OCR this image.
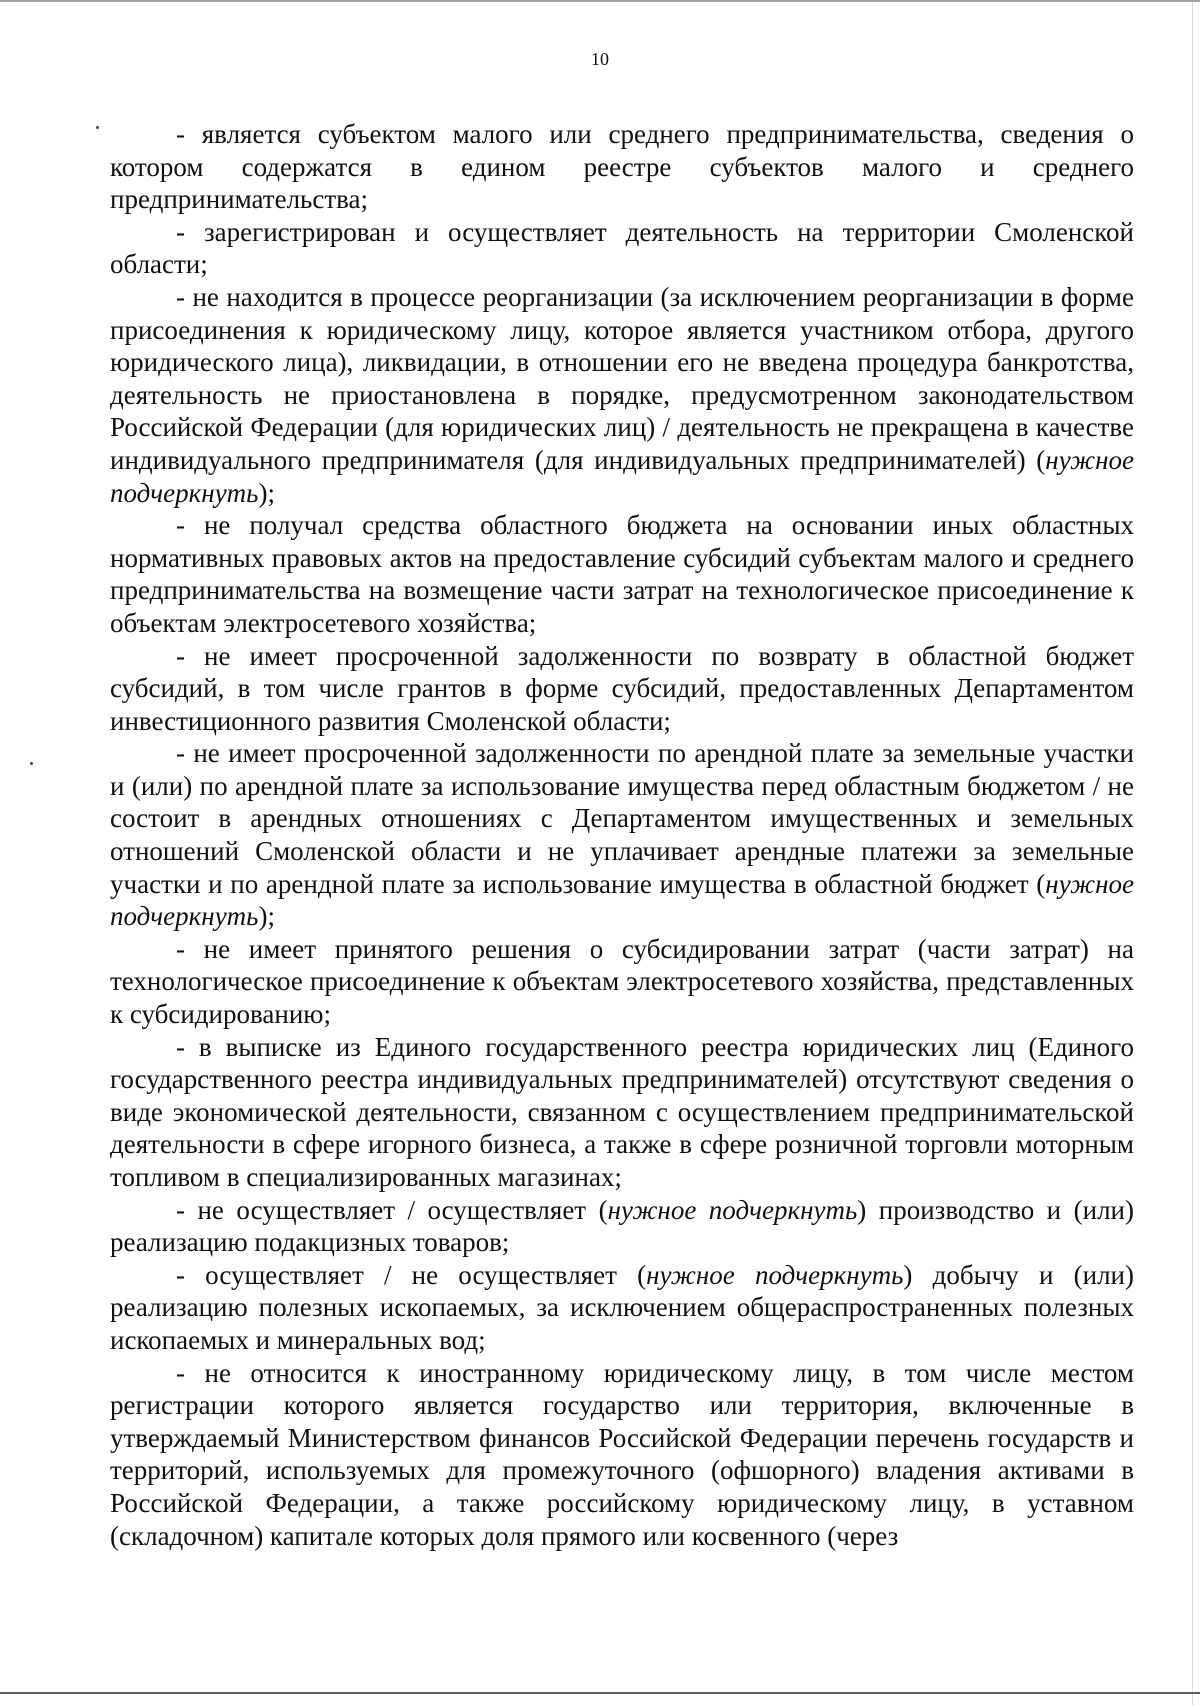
10

- является субъектом малого или среднего предпринимательства, сведения о котором содержатся в едином реестре субъектов малого и среднего предпринимательства;

- зарегистрирован и осуществляет деятельность на территории Смоленской области;

- не находится в процессе реорганизации (за исключением реорганизации в форме присоединения к юридическому лицу, которое является участником отбора, другого юридического лица), ликвидации, в отношении его не введена процедура банкротства, деятельность не приостановлена в порядке, предусмотренном законодательством Российской Федерации (для юридических лиц) / деятельность не прекращена в качестве индивидуального предпринимателя (для индивидуальных предпринимателей) (нужное подчеркнуть);

- не получал средства областного бюджета на основании иных областных нормативных правовых актов на предоставление субсидий субъектам малого и среднего предпринимательства на возмещение части затрат на технологическое присоединение к объектам электросетевого хозяйства;

- не имеет просроченной задолженности по возврату в областной бюджет субсидий, в том числе грантов в форме субсидий, предоставленных Департаментом инвестиционного развития Смоленской области;

- не имеет просроченной задолженности по арендной плате за земельные участки и (или) по арендной плате за использование имущества перед областным бюджетом / не состоит в арендных отношениях с Департаментом имущественных и земельных отношений Смоленской области и не уплачивает арендные платежи за земельные участки и по арендной плате за использование имущества в областной бюджет (нужное подчеркнуть);

- не имеет принятого решения о субсидировании затрат (части затрат) на технологическое присоединение к объектам электросетевого хозяйства, представленных к субсидированию;

- в выписке из Единого государственного реестра юридических лиц (Единого государственного реестра индивидуальных предпринимателей) отсутствуют сведения о виде экономической деятельности, связанном с осуществлением предпринимательской деятельности в сфере игорного бизнеса, а также в сфере розничной торговли моторным топливом в специализированных магазинах;

- не осуществляет / осуществляет (нужное подчеркнуть) производство и (или) реализацию подакцизных товаров;

- осуществляет / не осуществляет (нужное подчеркнуть) добычу и (или) реализацию полезных ископаемых, за исключением общераспространенных полезных ископаемых и минеральных вод;

- не относится к иностранному юридическому лицу, в том числе местом регистрации которого является государство или территория, включенные в утверждаемый Министерством финансов Российской Федерации перечень государств и территорий, используемых для промежуточного (офшорного) владения активами в Российской Федерации, а также российскому юридическому лицу, в уставном (складочном) капитале которых доля прямого или косвенного (через
